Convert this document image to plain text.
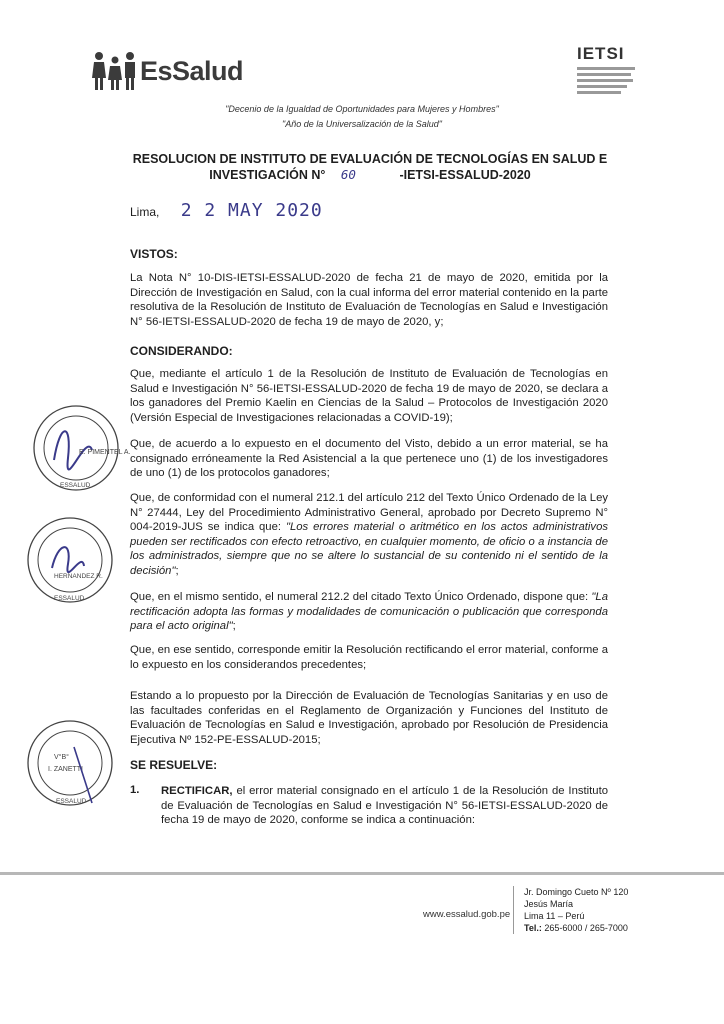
EsSalud
IETSI
"Decenio de la Igualdad de Oportunidades para Mujeres y Hombres"
"Año de la Universalización de la Salud"
RESOLUCION DE INSTITUTO DE EVALUACIÓN DE TECNOLOGÍAS EN SALUD E
INVESTIGACIÓN N° 60	-IETSI-ESSALUD-2020
Lima, 2 2 MAY 2020
VISTOS:
La Nota N° 10-DIS-IETSI-ESSALUD-2020 de fecha 21 de mayo de 2020, emitida por la Dirección de Investigación en Salud, con la cual informa del error material contenido en la parte resolutiva de la Resolución de Instituto de Evaluación de Tecnologías en Salud e Investigación N° 56-IETSI-ESSALUD-2020 de fecha 19 de mayo de 2020, y;
CONSIDERANDO:
Que, mediante el artículo 1 de la Resolución de Instituto de Evaluación de Tecnologías en Salud e Investigación N° 56-IETSI-ESSALUD-2020 de fecha 19 de mayo de 2020, se declara a los ganadores del Premio Kaelin en Ciencias de la Salud – Protocolos de Investigación 2020 (Versión Especial de Investigaciones relacionadas a COVID-19);
Que, de acuerdo a lo expuesto en el documento del Visto, debido a un error material, se ha consignado erróneamente la Red Asistencial a la que pertenece uno (1) de los investigadores de uno (1) de los protocolos ganadores;
Que, de conformidad con el numeral 212.1 del artículo 212 del Texto Único Ordenado de la Ley N° 27444, Ley del Procedimiento Administrativo General, aprobado por Decreto Supremo N° 004-2019-JUS se indica que: "Los errores material o aritmético en los actos administrativos pueden ser rectificados con efecto retroactivo, en cualquier momento, de oficio o a instancia de los administrados, siempre que no se altere lo sustancial de su contenido ni el sentido de la decisión";
Que, en el mismo sentido, el numeral 212.2 del citado Texto Único Ordenado, dispone que: "La rectificación adopta las formas y modalidades de comunicación o publicación que corresponda para el acto original";
Que, en ese sentido, corresponde emitir la Resolución rectificando el error material, conforme a lo expuesto en los considerandos precedentes;
Estando a lo propuesto por la Dirección de Evaluación de Tecnologías Sanitarias y en uso de las facultades conferidas en el Reglamento de Organización y Funciones del Instituto de Evaluación de Tecnologías en Salud e Investigación, aprobado por Resolución de Presidencia Ejecutiva Nº 152-PE-ESSALUD-2015;
SE RESUELVE:
1. RECTIFICAR, el error material consignado en el artículo 1 de la Resolución de Instituto de Evaluación de Tecnologías en Salud e Investigación N° 56-IETSI-ESSALUD-2020 de fecha 19 de mayo de 2020, conforme se indica a continuación:
E. PIMENTEL A.
ESSALUD
HERNANDEZ R.
ESSALUD
V°B°
I. ZANETTI
ESSALUD
www.essalud.gob.pe
Jr. Domingo Cueto Nº 120
Jesús María
Lima 11 – Perú
Tel.: 265-6000 / 265-7000
